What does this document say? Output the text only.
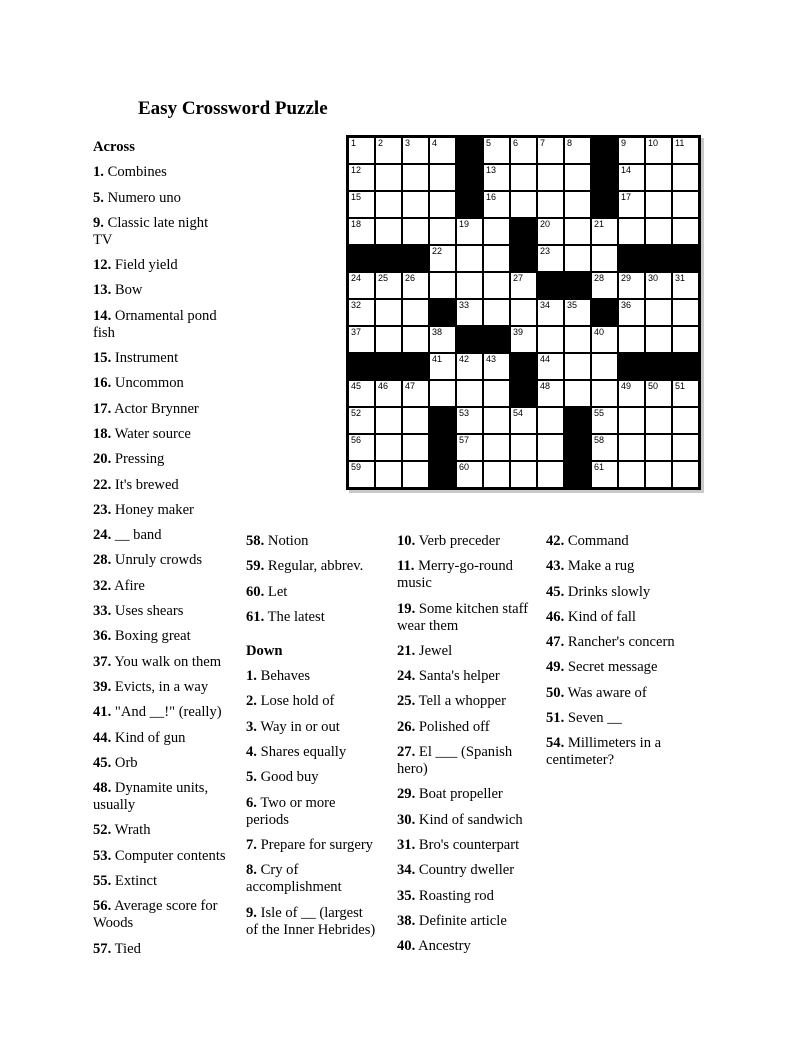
Easy Crossword Puzzle
1 2 3 4	5 6 7 8	9 10 11
12	13	14
15	16	17
18	19	20	21
22	23
24 25 26	27	28 29 30 31
32	33	34 35	36
37	38	39	40
41 42 43	44
45 46 47	48	49 50 51
52	53	54	55
56	57	58
59	60	61

Across

1. Combines

5. Numero uno

9. Classic late night TV

12. Field yield

13. Bow

14. Ornamental pond fish

15. Instrument

16. Uncommon

17. Actor Brynner

18. Water source

20. Pressing

22. It's brewed

23. Honey maker

24. __ band

28. Unruly crowds

32. Afire

33. Uses shears

36. Boxing great

37. You walk on them

39. Evicts, in a way

41. "And __!" (really)

44. Kind of gun

45. Orb

48. Dynamite units, usually

52. Wrath

53. Computer contents

55. Extinct

56. Average score for Woods

57. Tied

58. Notion

59. Regular, abbrev.

60. Let

61. The latest

Down

1. Behaves

2. Lose hold of

3. Way in or out

4. Shares equally

5. Good buy

6. Two or more periods

7. Prepare for surgery

8. Cry of accomplishment

9. Isle of __ (largest of the Inner Hebrides)

10. Verb preceder

11. Merry-go-round music

19. Some kitchen staff wear them

21. Jewel

24. Santa's helper

25. Tell a whopper

26. Polished off

27. El ___ (Spanish hero)

29. Boat propeller

30. Kind of sandwich

31. Bro's counterpart

34. Country dweller

35. Roasting rod

38. Definite article

40. Ancestry

42. Command

43. Make a rug

45. Drinks slowly

46. Kind of fall

47. Rancher's concern

49. Secret message

50. Was aware of

51. Seven __

54. Millimeters in a centimeter?
